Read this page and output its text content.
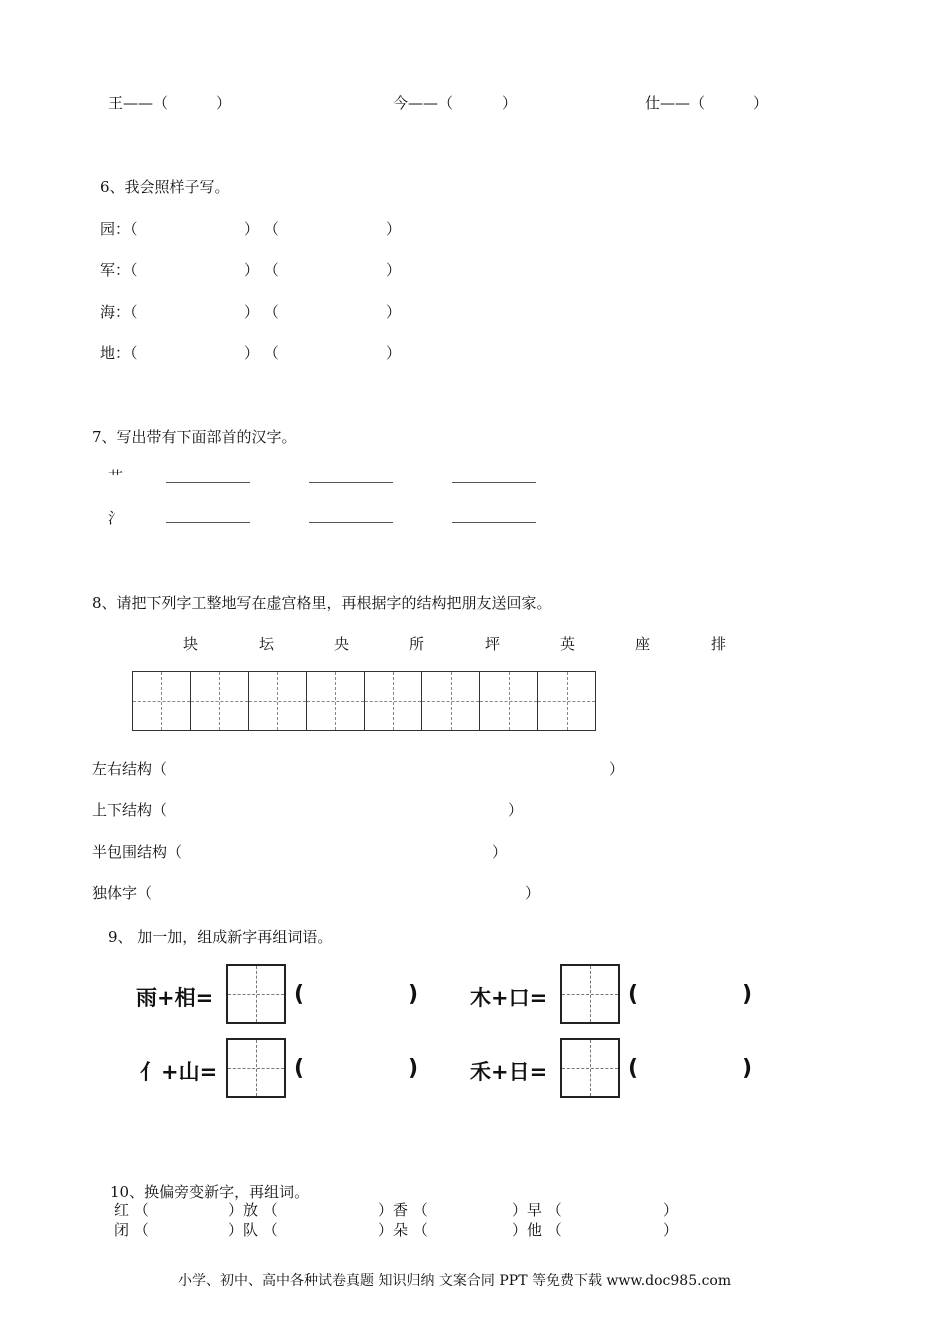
王——（	）	今——（	）	仕——（	）
6、我会照样子写。
园：（	） （	）
军：（	） （	）
海：（	） （	）
地：（	） （	）
7、写出带有下面部首的汉字。
艹
氵
8、请把下列字工整地写在虚宫格里，再根据字的结构把朋友送回家。
块	坛	央	所	坪	英	座	排
左右结构（	）
上下结构（	）
半包围结构（	）
独体字（	）
9、 加一加，组成新字再组词语。
雨+相=	(	) 木+口=	(	)
亻+山=	(	) 禾+日=	(	)
10、换偏旁变新字，再组词。
红 （	）放 （	）香 （	）早 （	）
闭 （	）队 （	）朵 （	）他 （	）
小学、初中、高中各种试卷真题 知识归纳 文案合同 PPT 等免费下载 www.doc985.com
